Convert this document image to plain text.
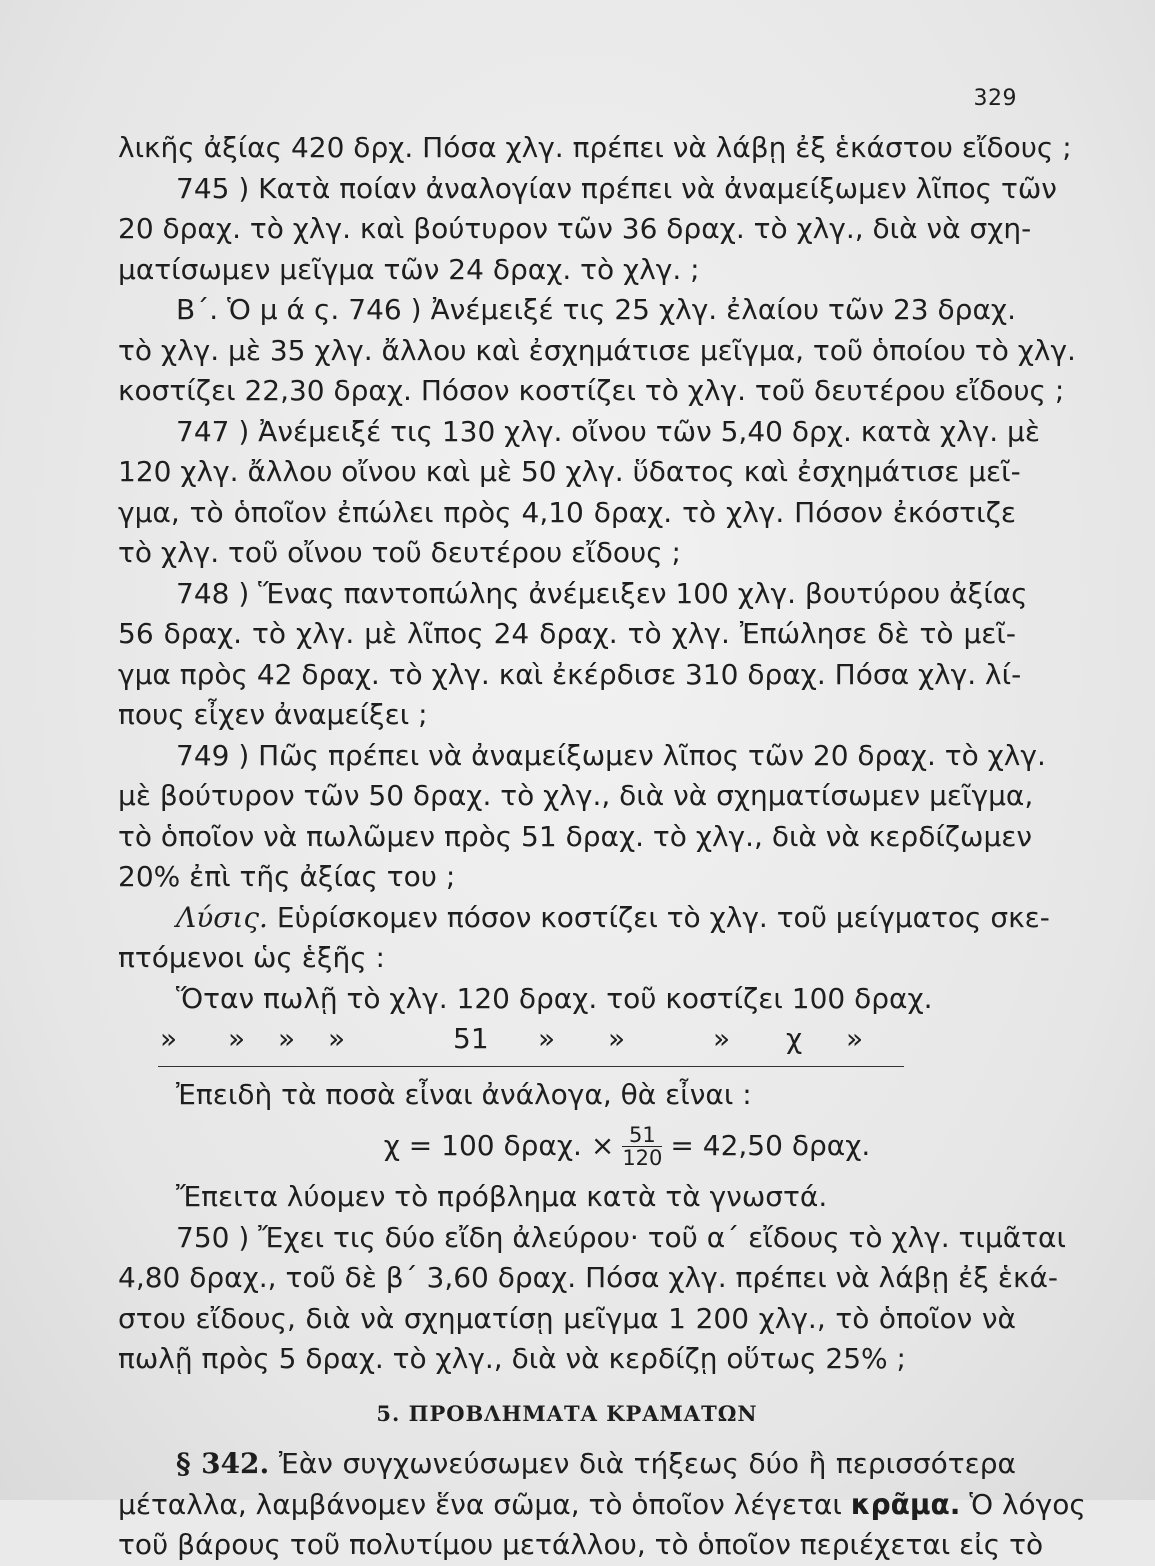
329
λικῆς ἀξίας 420 δρχ. Πόσα χλγ. πρέπει νὰ λάβῃ ἐξ ἑκάστου εἴδους ;
745 ) Κατὰ ποίαν ἀναλογίαν πρέπει νὰ ἀναμείξωμεν λῖπος τῶν
20 δραχ. τὸ χλγ. καὶ βούτυρον τῶν 36 δραχ. τὸ χλγ., διὰ νὰ σχη-
ματίσωμεν μεῖγμα τῶν 24 δραχ. τὸ χλγ. ;
Β΄. Ὁ μ ά ς. 746 ) Ἀνέμειξέ τις 25 χλγ. ἐλαίου τῶν 23 δραχ.
τὸ χλγ. μὲ 35 χλγ. ἄλλου καὶ ἐσχημάτισε μεῖγμα, τοῦ ὁποίου τὸ χλγ.
κοστίζει 22,30 δραχ. Πόσον κοστίζει τὸ χλγ. τοῦ δευτέρου εἴδους ;
747 ) Ἀνέμειξέ τις 130 χλγ. οἴνου τῶν 5,40 δρχ. κατὰ χλγ. μὲ
120 χλγ. ἄλλου οἴνου καὶ μὲ 50 χλγ. ὕδατος καὶ ἐσχημάτισε μεῖ-
γμα, τὸ ὁποῖον ἐπώλει πρὸς 4,10 δραχ. τὸ χλγ. Πόσον ἐκόστιζε
τὸ χλγ. τοῦ οἴνου τοῦ δευτέρου εἴδους ;
748 ) Ἕνας παντοπώλης ἀνέμειξεν 100 χλγ. βουτύρου ἀξίας
56 δραχ. τὸ χλγ. μὲ λῖπος 24 δραχ. τὸ χλγ. Ἐπώλησε δὲ τὸ μεῖ-
γμα πρὸς 42 δραχ. τὸ χλγ. καὶ ἐκέρδισε 310 δραχ. Πόσα χλγ. λί-
πους εἶχεν ἀναμείξει ;
749 ) Πῶς πρέπει νὰ ἀναμείξωμεν λῖπος τῶν 20 δραχ. τὸ χλγ.
μὲ βούτυρον τῶν 50 δραχ. τὸ χλγ., διὰ νὰ σχηματίσωμεν μεῖγμα,
τὸ ὁποῖον νὰ πωλῶμεν πρὸς 51 δραχ. τὸ χλγ., διὰ νὰ κερδίζωμεν
20% ἐπὶ τῆς ἀξίας του ;
Λύσις. Εὑρίσκομεν πόσον κοστίζει τὸ χλγ. τοῦ μείγματος σκε-
πτόμενοι ὡς ἑξῆς :
Ὅταν πωλῇ τὸ χλγ. 120 δραχ. τοῦ κοστίζει 100 δραχ.
» » » »	51 » »	» χ »
Ἐπειδὴ τὰ ποσὰ εἶναι ἀνάλογα, θὰ εἶναι :
χ = 100 δραχ. × $\frac{51}{120} = 42,50$ δραχ.
Ἔπειτα λύομεν τὸ πρόβλημα κατὰ τὰ γνωστά.
750 ) Ἔχει τις δύο εἴδη ἀλεύρου· τοῦ α΄ εἴδους τὸ χλγ. τιμᾶται
4,80 δραχ., τοῦ δὲ β΄ 3,60 δραχ. Πόσα χλγ. πρέπει νὰ λάβῃ ἐξ ἑκά-
στου εἴδους, διὰ νὰ σχηματίσῃ μεῖγμα 1 200 χλγ., τὸ ὁποῖον νὰ
πωλῇ πρὸς 5 δραχ. τὸ χλγ., διὰ νὰ κερδίζῃ οὕτως 25% ;
5. ΠΡΟΒΛΗΜΑΤΑ ΚΡΑΜΑΤΩΝ
§ 342. Ἐὰν συγχωνεύσωμεν διὰ τήξεως δύο ἢ περισσότερα
μέταλλα, λαμβάνομεν ἕνα σῶμα, τὸ ὁποῖον λέγεται κρᾶμα. Ὁ λόγος
τοῦ βάρους τοῦ πολυτίμου μετάλλου, τὸ ὁποῖον περιέχεται εἰς τὸ
